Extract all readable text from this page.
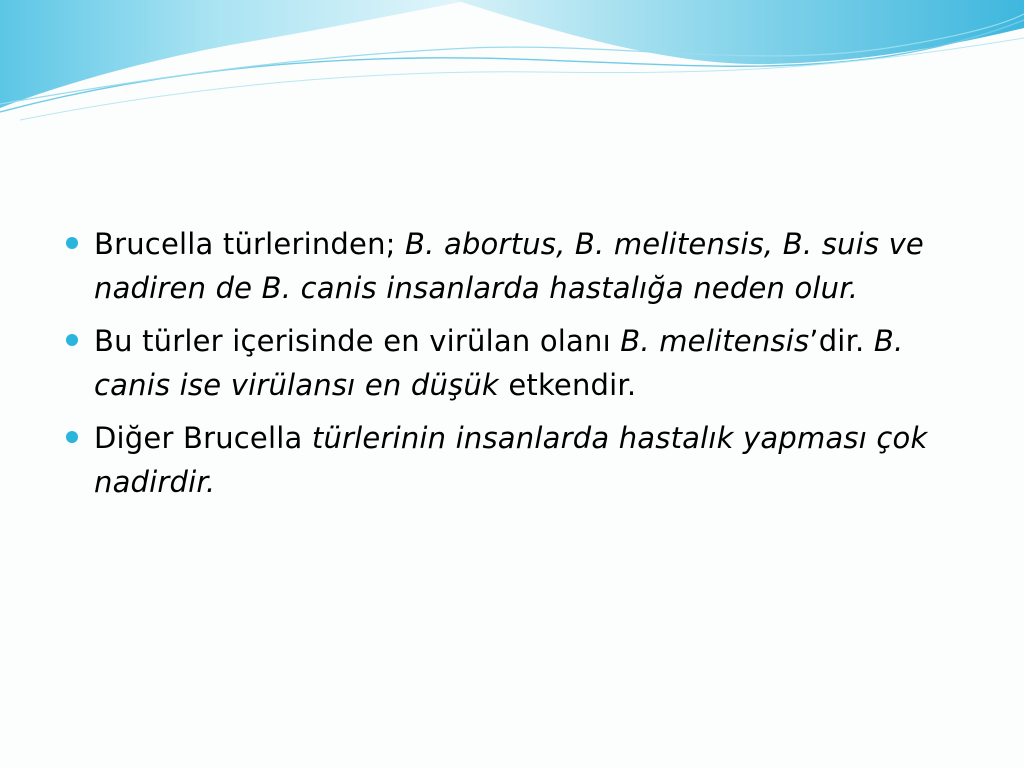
Brucella türlerinden; B. abortus, B. melitensis, B. suis ve nadiren de B. canis insanlarda hastalığa neden olur.
Bu türler içerisinde en virülan olanı B. melitensis’dir. B. canis ise virülansı en düşük etkendir.
Diğer Brucella türlerinin insanlarda hastalık yapması çok nadirdir.
